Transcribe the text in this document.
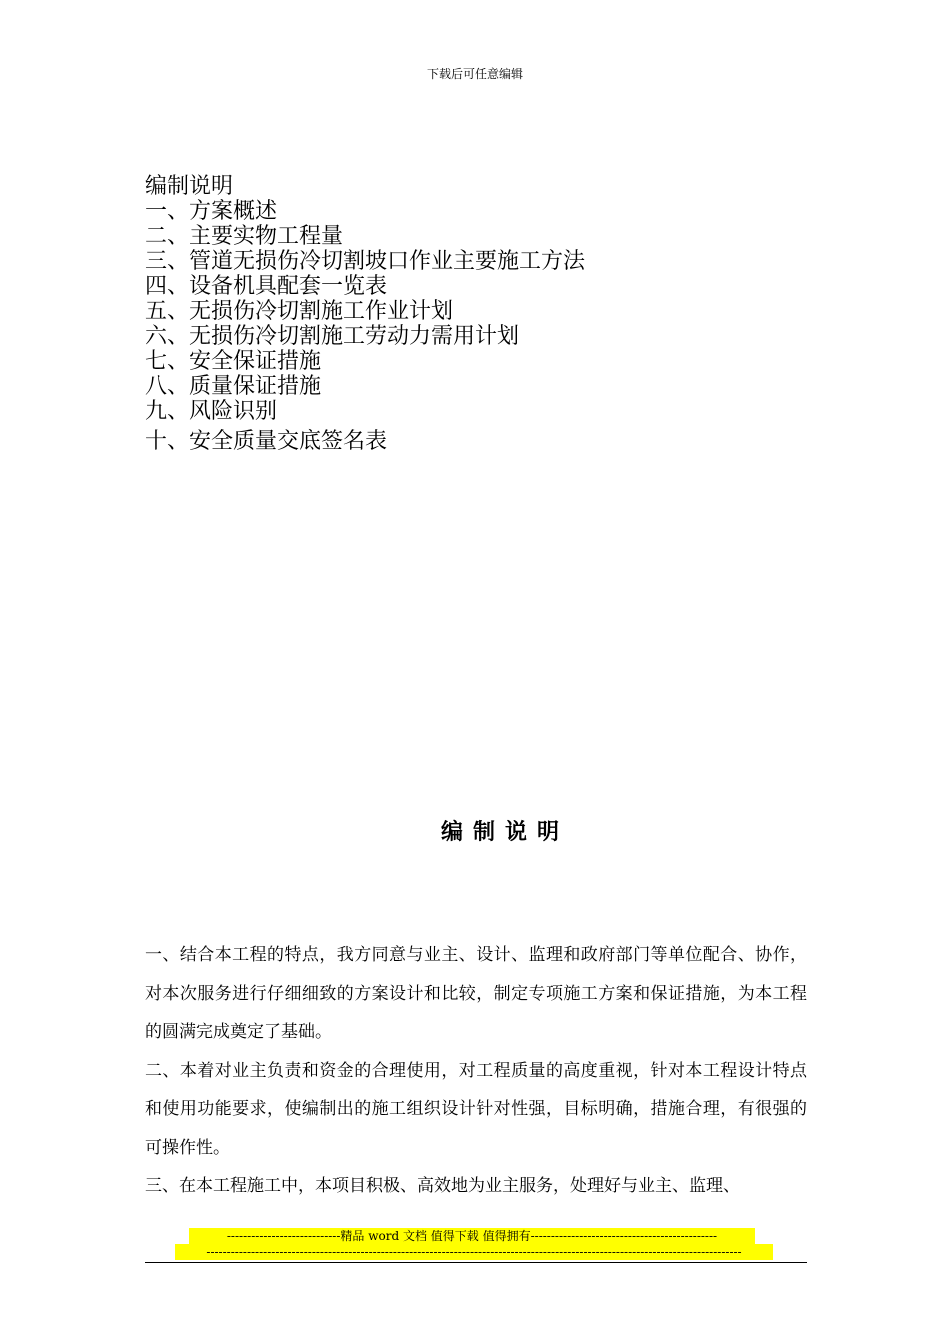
下载后可任意编辑
编制说明
一、方案概述
二、主要实物工程量
三、管道无损伤冷切割坡口作业主要施工方法
四、设备机具配套一览表
五、无损伤冷切割施工作业计划
六、无损伤冷切割施工劳动力需用计划
七、安全保证措施
八、质量保证措施
九、风险识别
十、安全质量交底签名表
编制说明

一、结合本工程的特点，我方同意与业主、设计、监理和政府部门等单位配合、协作，对本次服务进行仔细细致的方案设计和比较，制定专项施工方案和保证措施，为本工程的圆满完成奠定了基础。

二、本着对业主负责和资金的合理使用，对工程质量的高度重视，针对本工程设计特点和使用功能要求，使编制出的施工组织设计针对性强，目标明确，措施合理，有很强的可操作性。

三、在本工程施工中，本项目积极、高效地为业主服务，处理好与业主、监理、

----------------------------精品 word 文档 值得下载 值得拥有----------------------------------------------
------------------------------------------------------------------------------------------------------------------------------------
